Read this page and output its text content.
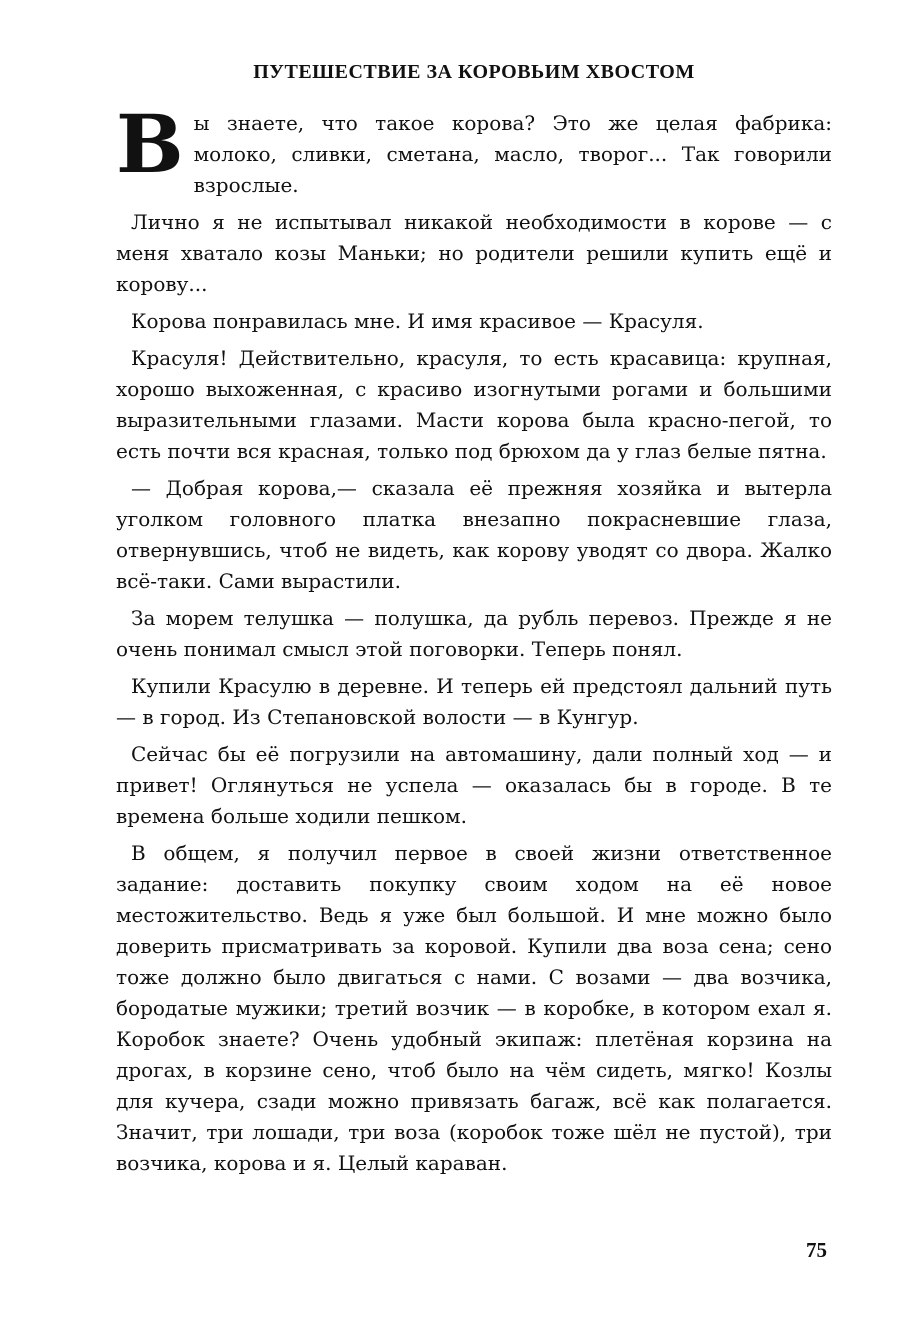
ПУТЕШЕСТВИЕ ЗА КОРОВЬИМ ХВОСТОМ

Вы знаете, что такое корова? Это же целая фабрика: молоко, сливки, сметана, масло, творог... Так говорили взрослые.

Лично я не испытывал никакой необходимости в корове — с меня хватало козы Маньки; но родители решили купить ещё и корову...

Корова понравилась мне. И имя красивое — Красуля.

Красуля! Действительно, красуля, то есть красавица: крупная, хорошо выхоженная, с красиво изогнутыми рогами и большими выразительными глазами. Масти корова была красно-пегой, то есть почти вся красная, только под брюхом да у глаз белые пятна.

— Добрая корова,— сказала её прежняя хозяйка и вытерла уголком головного платка внезапно покрасневшие глаза, отвернувшись, чтоб не видеть, как корову уводят со двора. Жалко всё-таки. Сами вырастили.

За морем телушка — полушка, да рубль перевоз. Прежде я не очень понимал смысл этой поговорки. Теперь понял.

Купили Красулю в деревне. И теперь ей предстоял дальний путь — в город. Из Степановской волости — в Кунгур.

Сейчас бы её погрузили на автомашину, дали полный ход — и привет! Оглянуться не успела — оказалась бы в городе. В те времена больше ходили пешком.

В общем, я получил первое в своей жизни ответственное задание: доставить покупку своим ходом на её новое местожительство. Ведь я уже был большой. И мне можно было доверить присматривать за коровой. Купили два воза сена; сено тоже должно было двигаться с нами. С возами — два возчика, бородатые мужики; третий возчик — в коробке, в котором ехал я. Коробок знаете? Очень удобный экипаж: плетёная корзина на дрогах, в корзине сено, чтоб было на чём сидеть, мягко! Козлы для кучера, сзади можно привязать багаж, всё как полагается. Значит, три лошади, три воза (коробок тоже шёл не пустой), три возчика, корова и я. Целый караван.

75
